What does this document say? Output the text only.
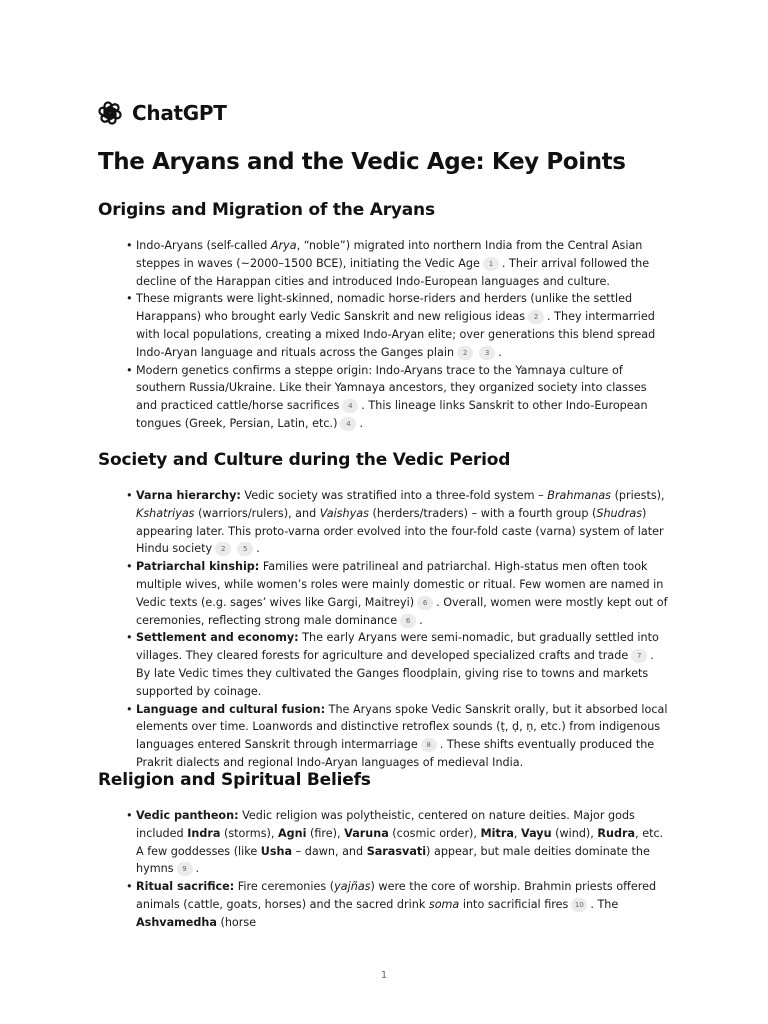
ChatGPT
The Aryans and the Vedic Age: Key Points
Origins and Migration of the Aryans
• Indo-Aryans (self-called Arya, “noble”) migrated into northern India from the Central Asian steppes in waves (~2000–1500 BCE), initiating the Vedic Age 1 . Their arrival followed the decline of the Harappan cities and introduced Indo-European languages and culture.
• These migrants were light-skinned, nomadic horse-riders and herders (unlike the settled Harappans) who brought early Vedic Sanskrit and new religious ideas 2 . They intermarried with local populations, creating a mixed Indo-Aryan elite; over generations this blend spread Indo-Aryan language and rituals across the Ganges plain 2	3 .
• Modern genetics confirms a steppe origin: Indo-Aryans trace to the Yamnaya culture of southern Russia/Ukraine. Like their Yamnaya ancestors, they organized society into classes and practiced cattle/horse sacrifices 4 . This lineage links Sanskrit to other Indo-European tongues (Greek, Persian, Latin, etc.) 4 .
Society and Culture during the Vedic Period
• Varna hierarchy: Vedic society was stratified into a three-fold system – Brahmanas (priests), Kshatriyas (warriors/rulers), and Vaishyas (herders/traders) – with a fourth group (Shudras) appearing later. This proto-varna order evolved into the four-fold caste (varna) system of later Hindu society 2	5 .
• Patriarchal kinship: Families were patrilineal and patriarchal. High-status men often took multiple wives, while women’s roles were mainly domestic or ritual. Few women are named in Vedic texts (e.g. sages’ wives like Gargi, Maitreyi) 6 . Overall, women were mostly kept out of ceremonies, reflecting strong male dominance 6 .
• Settlement and economy: The early Aryans were semi-nomadic, but gradually settled into villages. They cleared forests for agriculture and developed specialized crafts and trade 7 . By late Vedic times they cultivated the Ganges floodplain, giving rise to towns and markets supported by coinage.
• Language and cultural fusion: The Aryans spoke Vedic Sanskrit orally, but it absorbed local elements over time. Loanwords and distinctive retroflex sounds (ṭ, ḍ, ṇ, etc.) from indigenous languages entered Sanskrit through intermarriage 8 . These shifts eventually produced the Prakrit dialects and regional Indo-Aryan languages of medieval India.
Religion and Spiritual Beliefs
• Vedic pantheon: Vedic religion was polytheistic, centered on nature deities. Major gods included Indra (storms), Agni (fire), Varuna (cosmic order), Mitra, Vayu (wind), Rudra, etc. A few goddesses (like Usha – dawn, and Sarasvati) appear, but male deities dominate the hymns 9 .
• Ritual sacrifice: Fire ceremonies (yajñas) were the core of worship. Brahmin priests offered animals (cattle, goats, horses) and the sacred drink soma into sacrificial fires 10 . The Ashvamedha (horse
1
